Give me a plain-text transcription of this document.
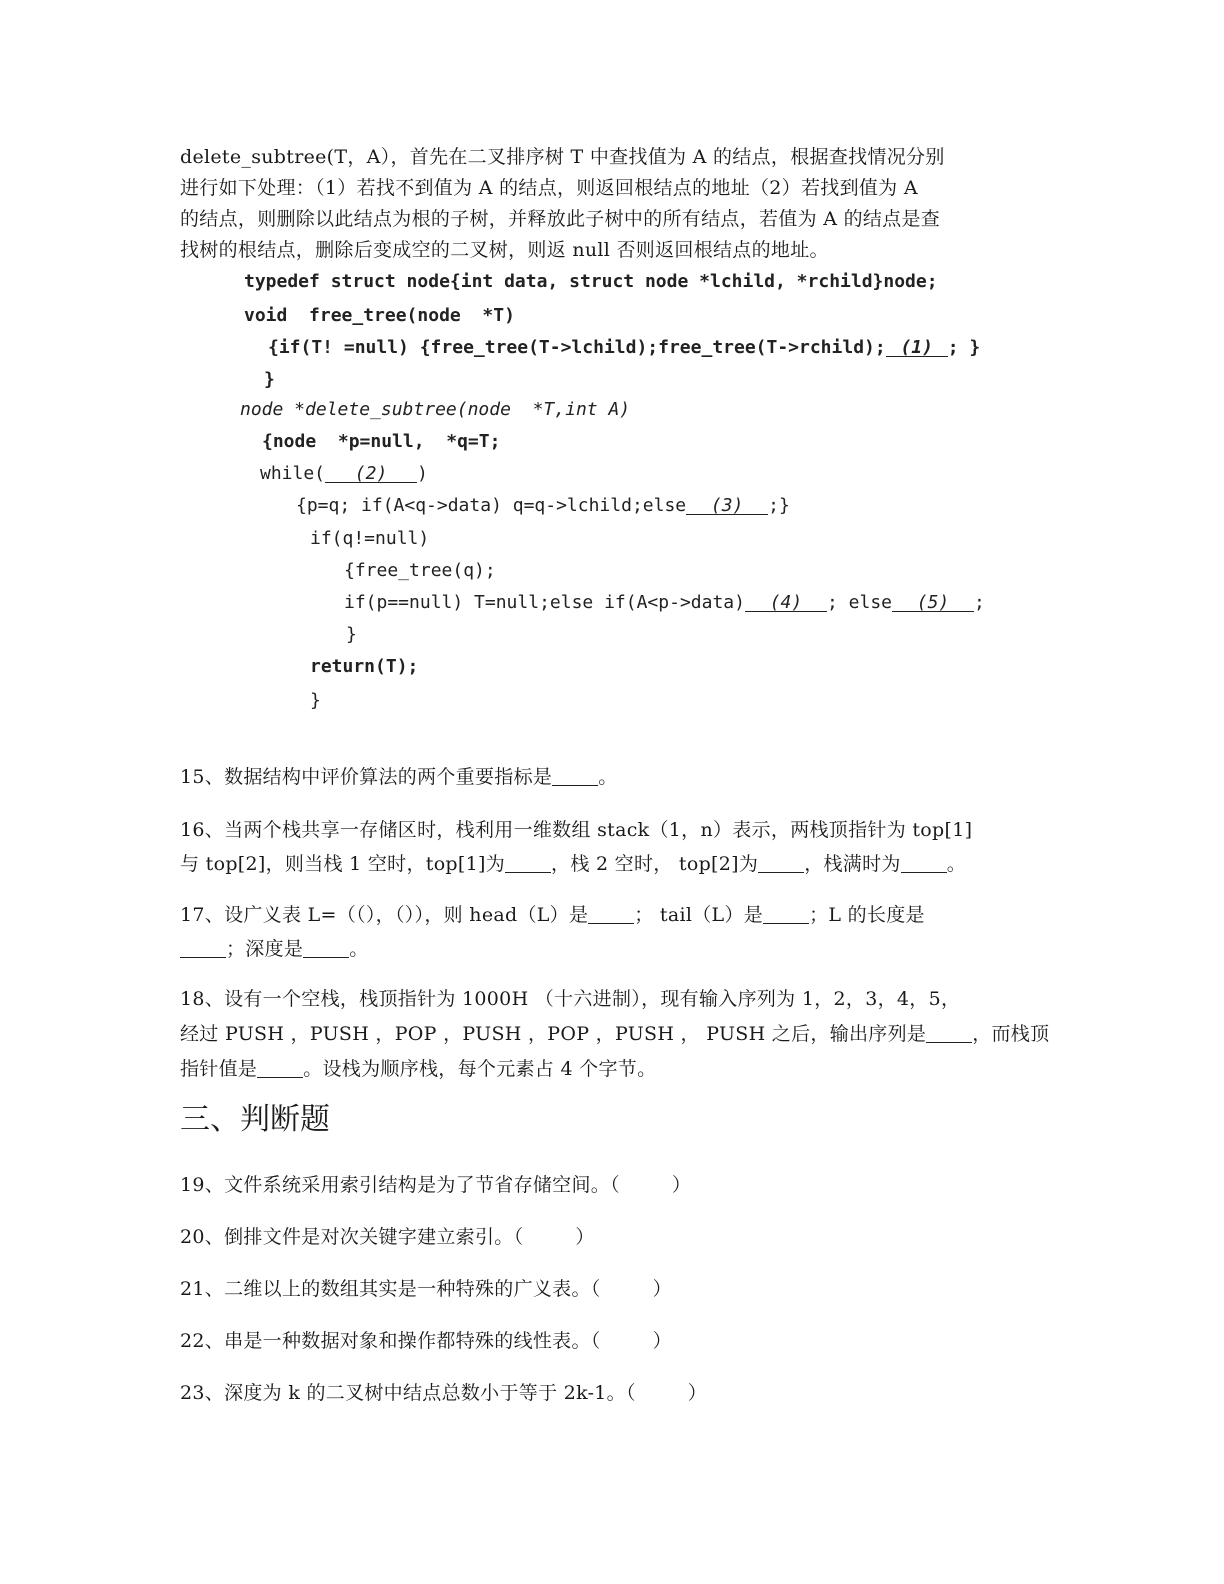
delete_subtree(T，A），首先在二叉排序树 T 中查找值为 A 的结点，根据查找情况分别

进行如下处理：（1）若找不到值为 A 的结点，则返回根结点的地址（2）若找到值为 A

的结点，则删除以此结点为根的子树，并释放此子树中的所有结点，若值为 A 的结点是查

找树的根结点，删除后变成空的二叉树，则返 null 否则返回根结点的地址。

typedef struct node{int data, struct node *lchild, *rchild}node;

void  free_tree(node  *T)

{if(T! =null) {free_tree(T->lchild);free_tree(T->rchild); (1) ; }

}

node *delete_subtree(node  *T,int A)

{node  *p=null,  *q=T;

while( (2) )

{p=q; if(A<q->data) q=q->lchild;else (3) ;}

if(q!=null)

{free_tree(q);

if(p==null) T=null;else if(A<p->data) (4) ; else (5) ;

}

return(T);

}

15、数据结构中评价算法的两个重要指标是 。

16、当两个栈共享一存储区时，栈利用一维数组 stack（1，n）表示，两栈顶指针为 top[1]

与 top[2]，则当栈 1 空时，top[1]为 ，栈 2 空时， top[2]为 ，栈满时为 。

17、设广义表 L=（（），（）），则 head（L）是 ； tail（L）是 ；L 的长度是

；深度是 。

18、设有一个空栈，栈顶指针为 1000H （十六进制），现有输入序列为 1，2，3，4，5，

经过 PUSH ，PUSH ，POP ，PUSH ，POP ，PUSH ， PUSH 之后，输出序列是 ，而栈顶

指针值是 。设栈为顺序栈，每个元素占 4 个字节。

三、判断题
19、文件系统采用索引结构是为了节省存储空间。（	）
20、倒排文件是对次关键字建立索引。（	）
21、二维以上的数组其实是一种特殊的广义表。（	）
22、串是一种数据对象和操作都特殊的线性表。（	）
23、深度为 k 的二叉树中结点总数小于等于 2k-1。（	）
